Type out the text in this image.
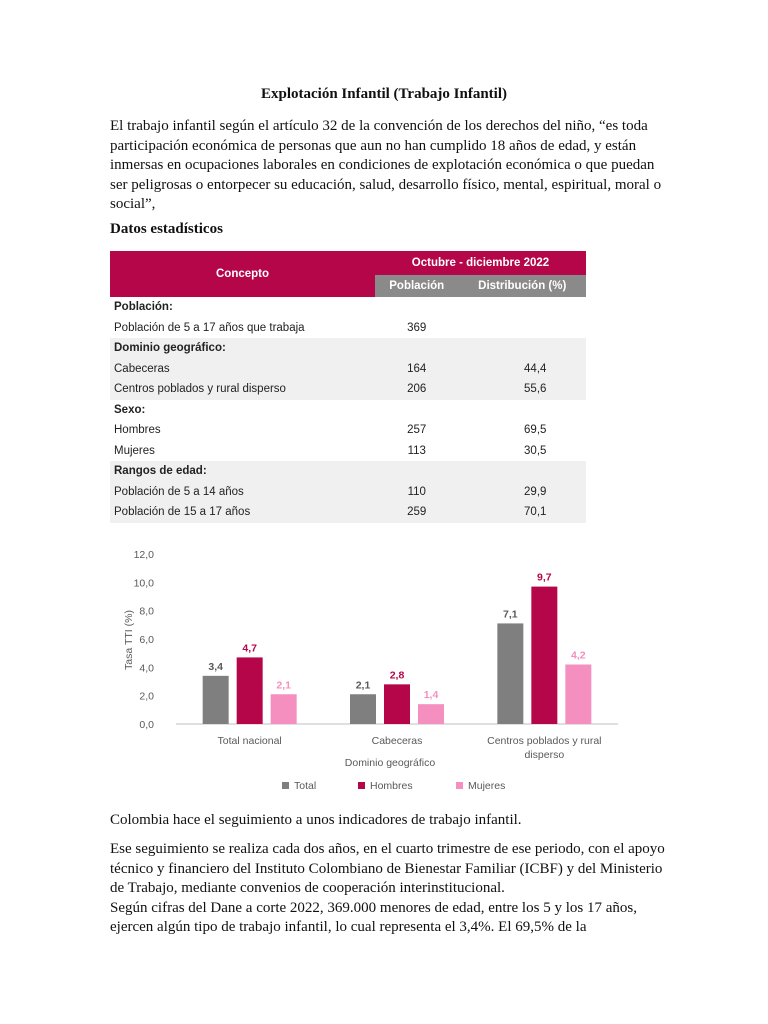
Explotación Infantil (Trabajo Infantil)

El trabajo infantil según el artículo 32 de la convención de los derechos del niño, “es toda participación económica de personas que aun no han cumplido 18 años de edad, y están inmersas en ocupaciones laborales en condiciones de explotación económica o que puedan ser peligrosas o entorpecer su educación, salud, desarrollo físico, mental, espiritual, moral o social”,

Datos estadísticos
Concepto	Octubre - diciembre 2022	
	Población	Distribución (%)
Población:		
Población de 5 a 17 años que trabaja	369	
Dominio geográfico:		
Cabeceras	164	44,4
Centros poblados y rural disperso	206	55,6
Sexo:		
Hombres	257	69,5
Mujeres	113	30,5
Rangos de edad:		
Población de 5 a 14 años	110	29,9
Población de 15 a 17 años	259	70,1
Tasa TTI (%)
0,0
2,0
4,0
6,0
8,0
10,0
12,0
3,4
4,7
2,1	2,1
2,8
1,4
7,1
9,7
4,2
Total nacional	Cabeceras	Centros poblados y rural
disperso
Dominio geográfico
Total	Hombres	Mujeres

Colombia hace el seguimiento a unos indicadores de trabajo infantil.

Ese seguimiento se realiza cada dos años, en el cuarto trimestre de ese periodo, con el apoyo técnico y financiero del Instituto Colombiano de Bienestar Familiar (ICBF) y del Ministerio de Trabajo, mediante convenios de cooperación interinstitucional.

Según cifras del Dane a corte 2022, 369.000 menores de edad, entre los 5 y los 17 años, ejercen algún tipo de trabajo infantil, lo cual representa el 3,4%. El 69,5% de la
